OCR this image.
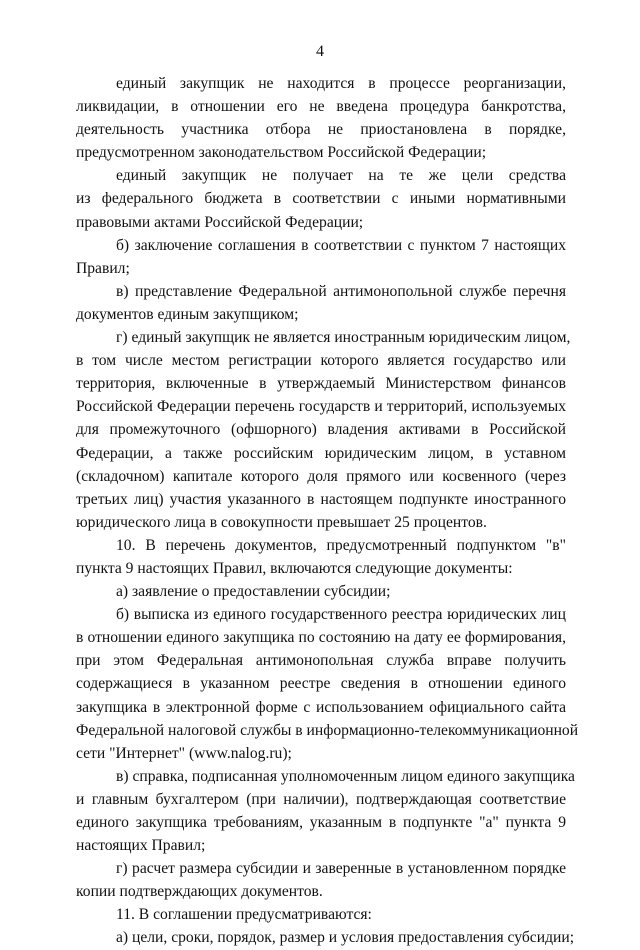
4
единый закупщик не находится в процессе реорганизации,
ликвидации, в отношении его не введена процедура банкротства,
деятельность участника отбора не приостановлена в порядке,
предусмотренном законодательством Российской Федерации;
единый закупщик не получает на те же цели средства
из федерального бюджета в соответствии с иными нормативными
правовыми актами Российской Федерации;
б) заключение соглашения в соответствии с пунктом 7 настоящих
Правил;
в) представление Федеральной антимонопольной службе перечня
документов единым закупщиком;
г) единый закупщик не является иностранным юридическим лицом,
в том числе местом регистрации которого является государство или
территория, включенные в утверждаемый Министерством финансов
Российской Федерации перечень государств и территорий, используемых
для промежуточного (офшорного) владения активами в Российской
Федерации, а также российским юридическим лицом, в уставном
(складочном) капитале которого доля прямого или косвенного (через
третьих лиц) участия указанного в настоящем подпункте иностранного
юридического лица в совокупности превышает 25 процентов.
10. В перечень документов, предусмотренный подпунктом "в"
пункта 9 настоящих Правил, включаются следующие документы:
а) заявление о предоставлении субсидии;
б) выписка из единого государственного реестра юридических лиц
в отношении единого закупщика по состоянию на дату ее формирования,
при этом Федеральная антимонопольная служба вправе получить
содержащиеся в указанном реестре сведения в отношении единого
закупщика в электронной форме с использованием официального сайта
Федеральной налоговой службы в информационно-телекоммуникационной
сети "Интернет" (www.nalog.ru);
в) справка, подписанная уполномоченным лицом единого закупщика
и главным бухгалтером (при наличии), подтверждающая соответствие
единого закупщика требованиям, указанным в подпункте "а" пункта 9
настоящих Правил;
г) расчет размера субсидии и заверенные в установленном порядке
копии подтверждающих документов.
11. В соглашении предусматриваются:
а) цели, сроки, порядок, размер и условия предоставления субсидии;
